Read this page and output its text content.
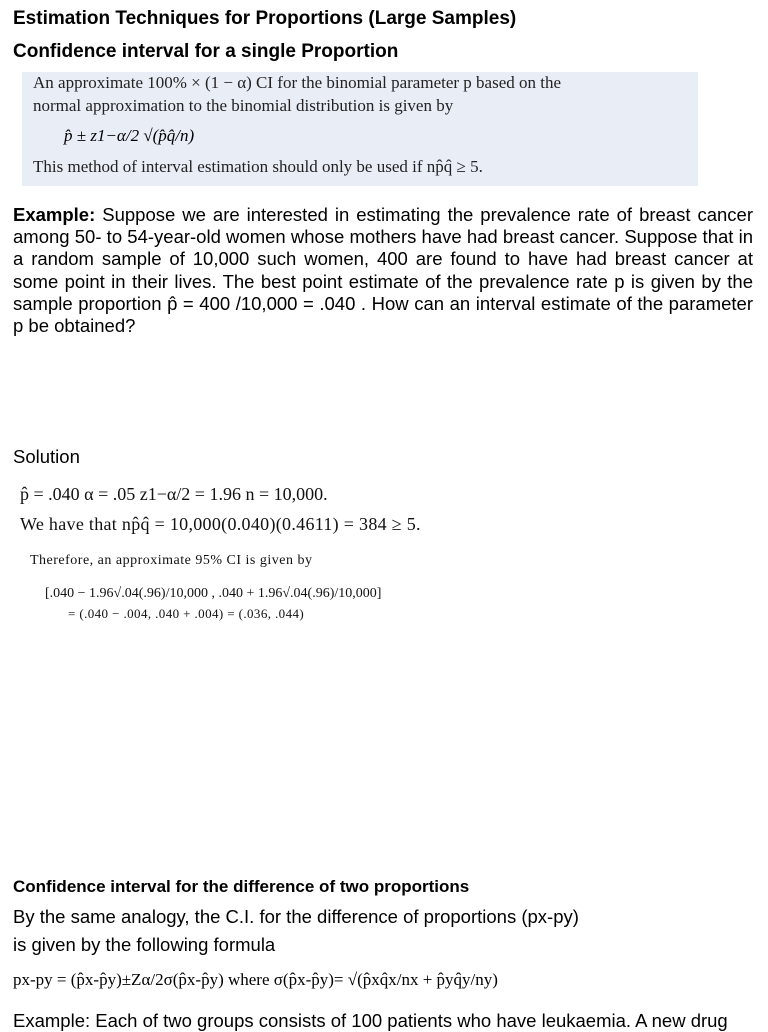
Estimation Techniques for Proportions (Large Samples)
Confidence interval for a single Proportion
An approximate 100% × (1 − α) CI for the binomial parameter p based on the
normal approximation to the binomial distribution is given by
p̂ ± z1−α/2 √(p̂q̂/n)
This method of interval estimation should only be used if np̂q̂ ≥ 5.
Example: Suppose we are interested in estimating the prevalence rate of breast cancer among 50- to 54-year-old women whose mothers have had breast cancer. Suppose that in a random sample of 10,000 such women, 400 are found to have had breast cancer at some point in their lives. The best point estimate of the prevalence rate p is given by the sample proportion p̂ = 400 /10,000 = .040 . How can an interval estimate of the parameter p be obtained?
Solution
p̂ = .040 α = .05 z1−α/2 = 1.96 n = 10,000.
We have that np̂q̂ = 10,000(0.040)(0.4611) = 384 ≥ 5.
Therefore, an approximate 95% CI is given by
[.040 − 1.96√.04(.96)/10,000 , .040 + 1.96√.04(.96)/10,000]
= (.040 − .004, .040 + .004) = (.036, .044)
Confidence interval for the difference of two proportions
By the same analogy, the C.I. for the difference of proportions (px-py)
is given by the following formula
px-py = (p̂x-p̂y)±Zα/2σ(p̂x-p̂y) where σ(p̂x-p̂y)= √(p̂xq̂x/nx + p̂yq̂y/ny)
Example: Each of two groups consists of 100 patients who have leukaemia. A new drug
